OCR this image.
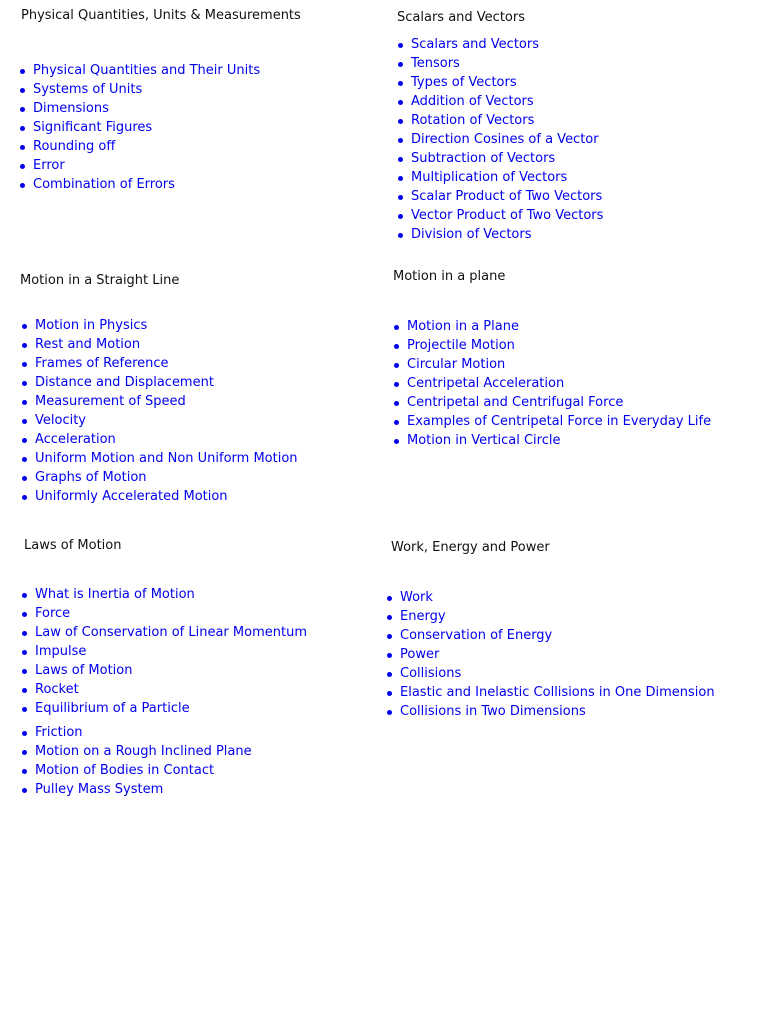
Physical Quantities, Units & Measurements
Physical Quantities and Their Units
Systems of Units
Dimensions
Significant Figures
Rounding off
Error
Combination of Errors
Scalars and Vectors
Scalars and Vectors
Tensors
Types of Vectors
Addition of Vectors
Rotation of Vectors
Direction Cosines of a Vector
Subtraction of Vectors
Multiplication of Vectors
Scalar Product of Two Vectors
Vector Product of Two Vectors
Division of Vectors
Motion in a Straight Line
Motion in Physics
Rest and Motion
Frames of Reference
Distance and Displacement
Measurement of Speed
Velocity
Acceleration
Uniform Motion and Non Uniform Motion
Graphs of Motion
Uniformly Accelerated Motion
Motion in a plane
Motion in a Plane
Projectile Motion
Circular Motion
Centripetal Acceleration
Centripetal and Centrifugal Force
Examples of Centripetal Force in Everyday Life
Motion in Vertical Circle
Laws of Motion
What is Inertia of Motion
Force
Law of Conservation of Linear Momentum
Impulse
Laws of Motion
Rocket
Equilibrium of a Particle
Friction
Motion on a Rough Inclined Plane
Motion of Bodies in Contact
Pulley Mass System
Work, Energy and Power
Work
Energy
Conservation of Energy
Power
Collisions
Elastic and Inelastic Collisions in One Dimension
Collisions in Two Dimensions
